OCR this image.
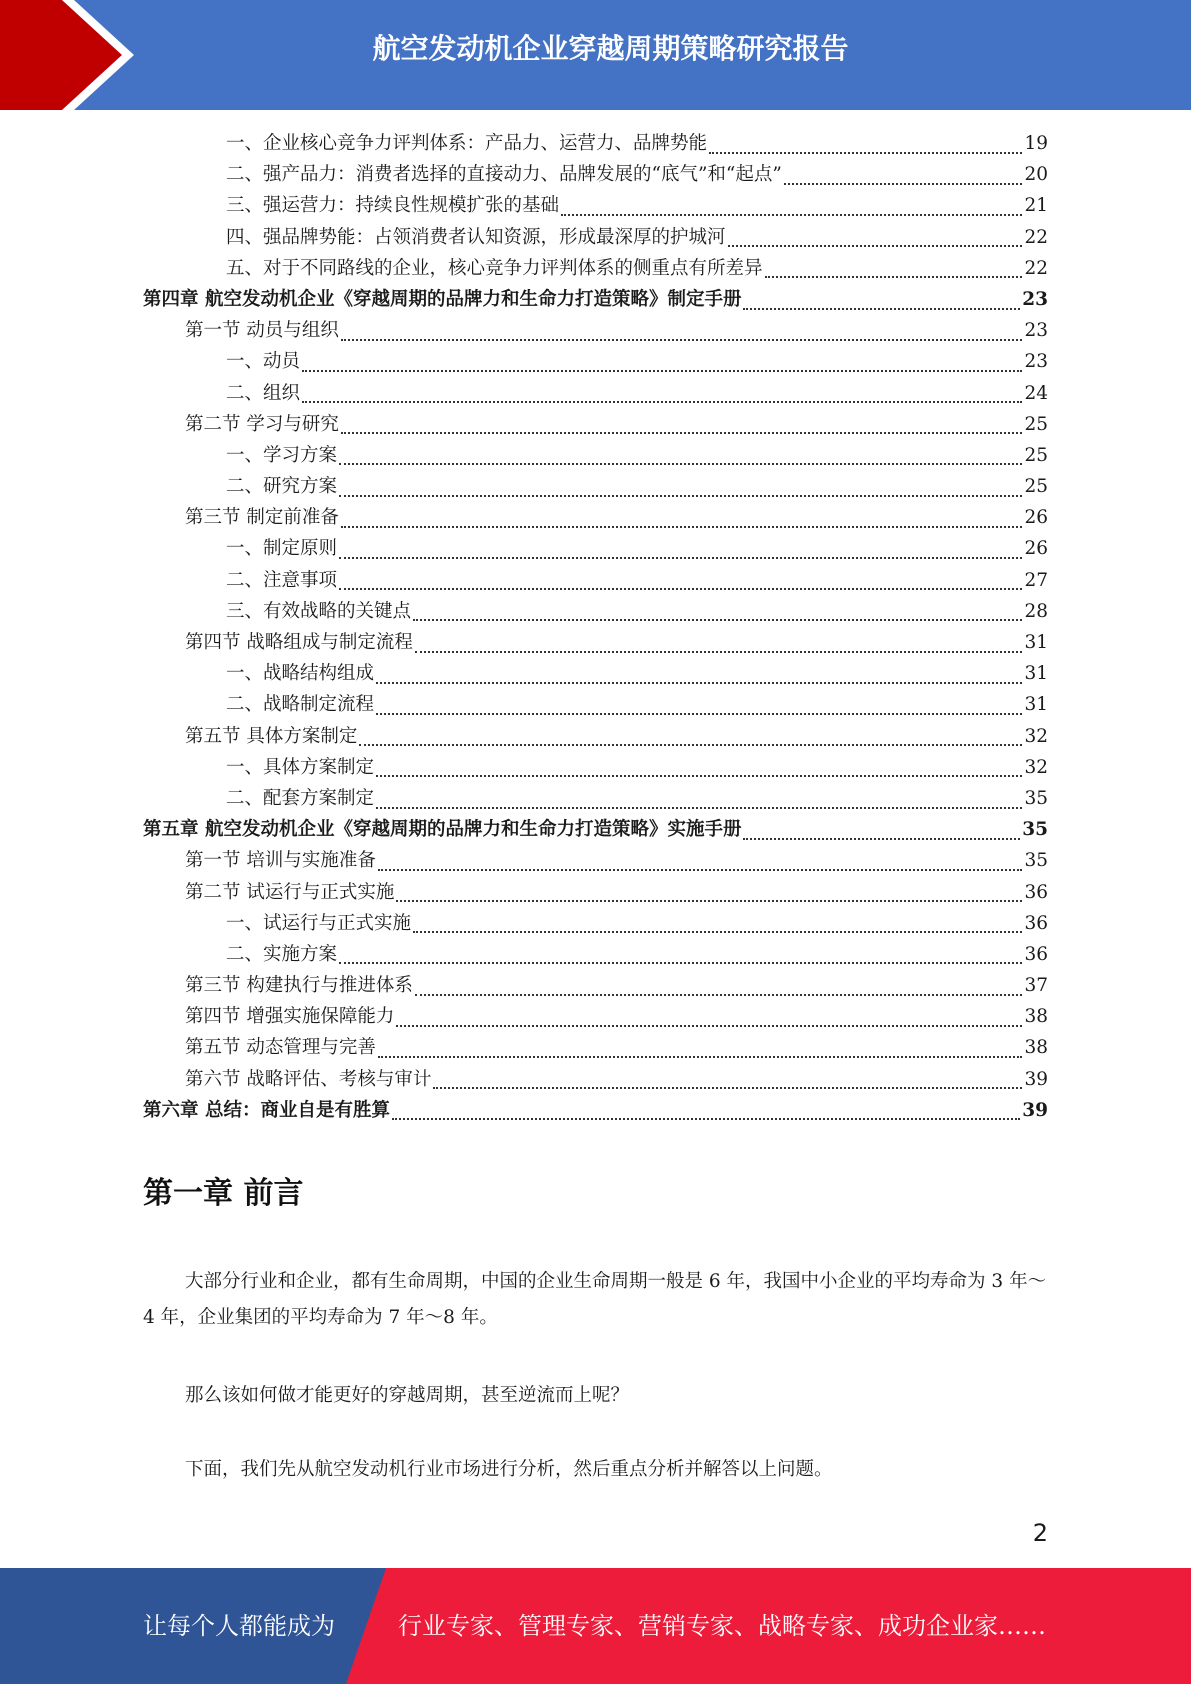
航空发动机企业穿越周期策略研究报告
一、企业核心竞争力评判体系：产品力、运营力、品牌势能	19
二、强产品力：消费者选择的直接动力、品牌发展的“底气”和“起点”	20
三、强运营力：持续良性规模扩张的基础	21
四、强品牌势能：占领消费者认知资源，形成最深厚的护城河	22
五、对于不同路线的企业，核心竞争力评判体系的侧重点有所差异	22
第四章 航空发动机企业《穿越周期的品牌力和生命力打造策略》制定手册	23
第一节 动员与组织	23
一、动员	23
二、组织	24
第二节 学习与研究	25
一、学习方案	25
二、研究方案	25
第三节 制定前准备	26
一、制定原则	26
二、注意事项	27
三、有效战略的关键点	28
第四节 战略组成与制定流程	31
一、战略结构组成	31
二、战略制定流程	31
第五节 具体方案制定	32
一、具体方案制定	32
二、配套方案制定	35
第五章 航空发动机企业《穿越周期的品牌力和生命力打造策略》实施手册	35
第一节 培训与实施准备	35
第二节 试运行与正式实施	36
一、试运行与正式实施	36
二、实施方案	36
第三节 构建执行与推进体系	37
第四节 增强实施保障能力	38
第五节 动态管理与完善	38
第六节 战略评估、考核与审计	39
第六章 总结：商业自是有胜算	39
第一章 前言

大部分行业和企业，都有生命周期，中国的企业生命周期一般是 6 年，我国中小企业的平均寿命为 3 年～4 年，企业集团的平均寿命为 7 年～8 年。

那么该如何做才能更好的穿越周期，甚至逆流而上呢？

下面，我们先从航空发动机行业市场进行分析，然后重点分析并解答以上问题。

2
让每个人都能成为	行业专家、管理专家、营销专家、战略专家、成功企业家……
